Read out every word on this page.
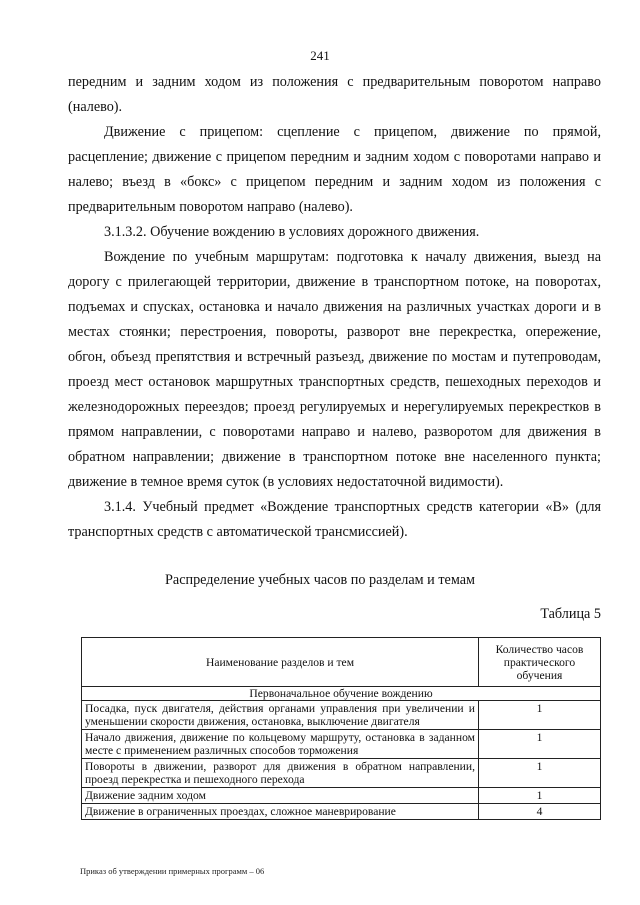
241

передним и задним ходом из положения с предварительным поворотом направо (налево).

Движение с прицепом: сцепление с прицепом, движение по прямой, расцепление; движение с прицепом передним и задним ходом с поворотами направо и налево; въезд в «бокс» с прицепом передним и задним ходом из положения с предварительным поворотом направо (налево).

3.1.3.2. Обучение вождению в условиях дорожного движения.

Вождение по учебным маршрутам: подготовка к началу движения, выезд на дорогу с прилегающей территории, движение в транспортном потоке, на поворотах, подъемах и спусках, остановка и начало движения на различных участках дороги и в местах стоянки; перестроения, повороты, разворот вне перекрестка, опережение, обгон, объезд препятствия и встречный разъезд, движение по мостам и путепроводам, проезд мест остановок маршрутных транспортных средств, пешеходных переходов и железнодорожных переездов; проезд регулируемых и нерегулируемых перекрестков в прямом направлении, с поворотами направо и налево, разворотом для движения в обратном направлении; движение в транспортном потоке вне населенного пункта; движение в темное время суток (в условиях недостаточной видимости).

3.1.4. Учебный предмет «Вождение транспортных средств категории «B» (для транспортных средств с автоматической трансмиссией).

Распределение учебных часов по разделам и темам
Таблица 5
Наименование разделов и тем	Количество часов практического обучения
Первоначальное обучение вождению	
Посадка, пуск двигателя, действия органами управления при увеличении и уменьшении скорости движения, остановка, выключение двигателя	1
Начало движения, движение по кольцевому маршруту, остановка в заданном месте с применением различных способов торможения	1
Повороты в движении, разворот для движения в обратном направлении, проезд перекрестка и пешеходного перехода	1
Движение задним ходом	1
Движение в ограниченных проездах, сложное маневрирование	4
Приказ об утверждении примерных программ – 06
